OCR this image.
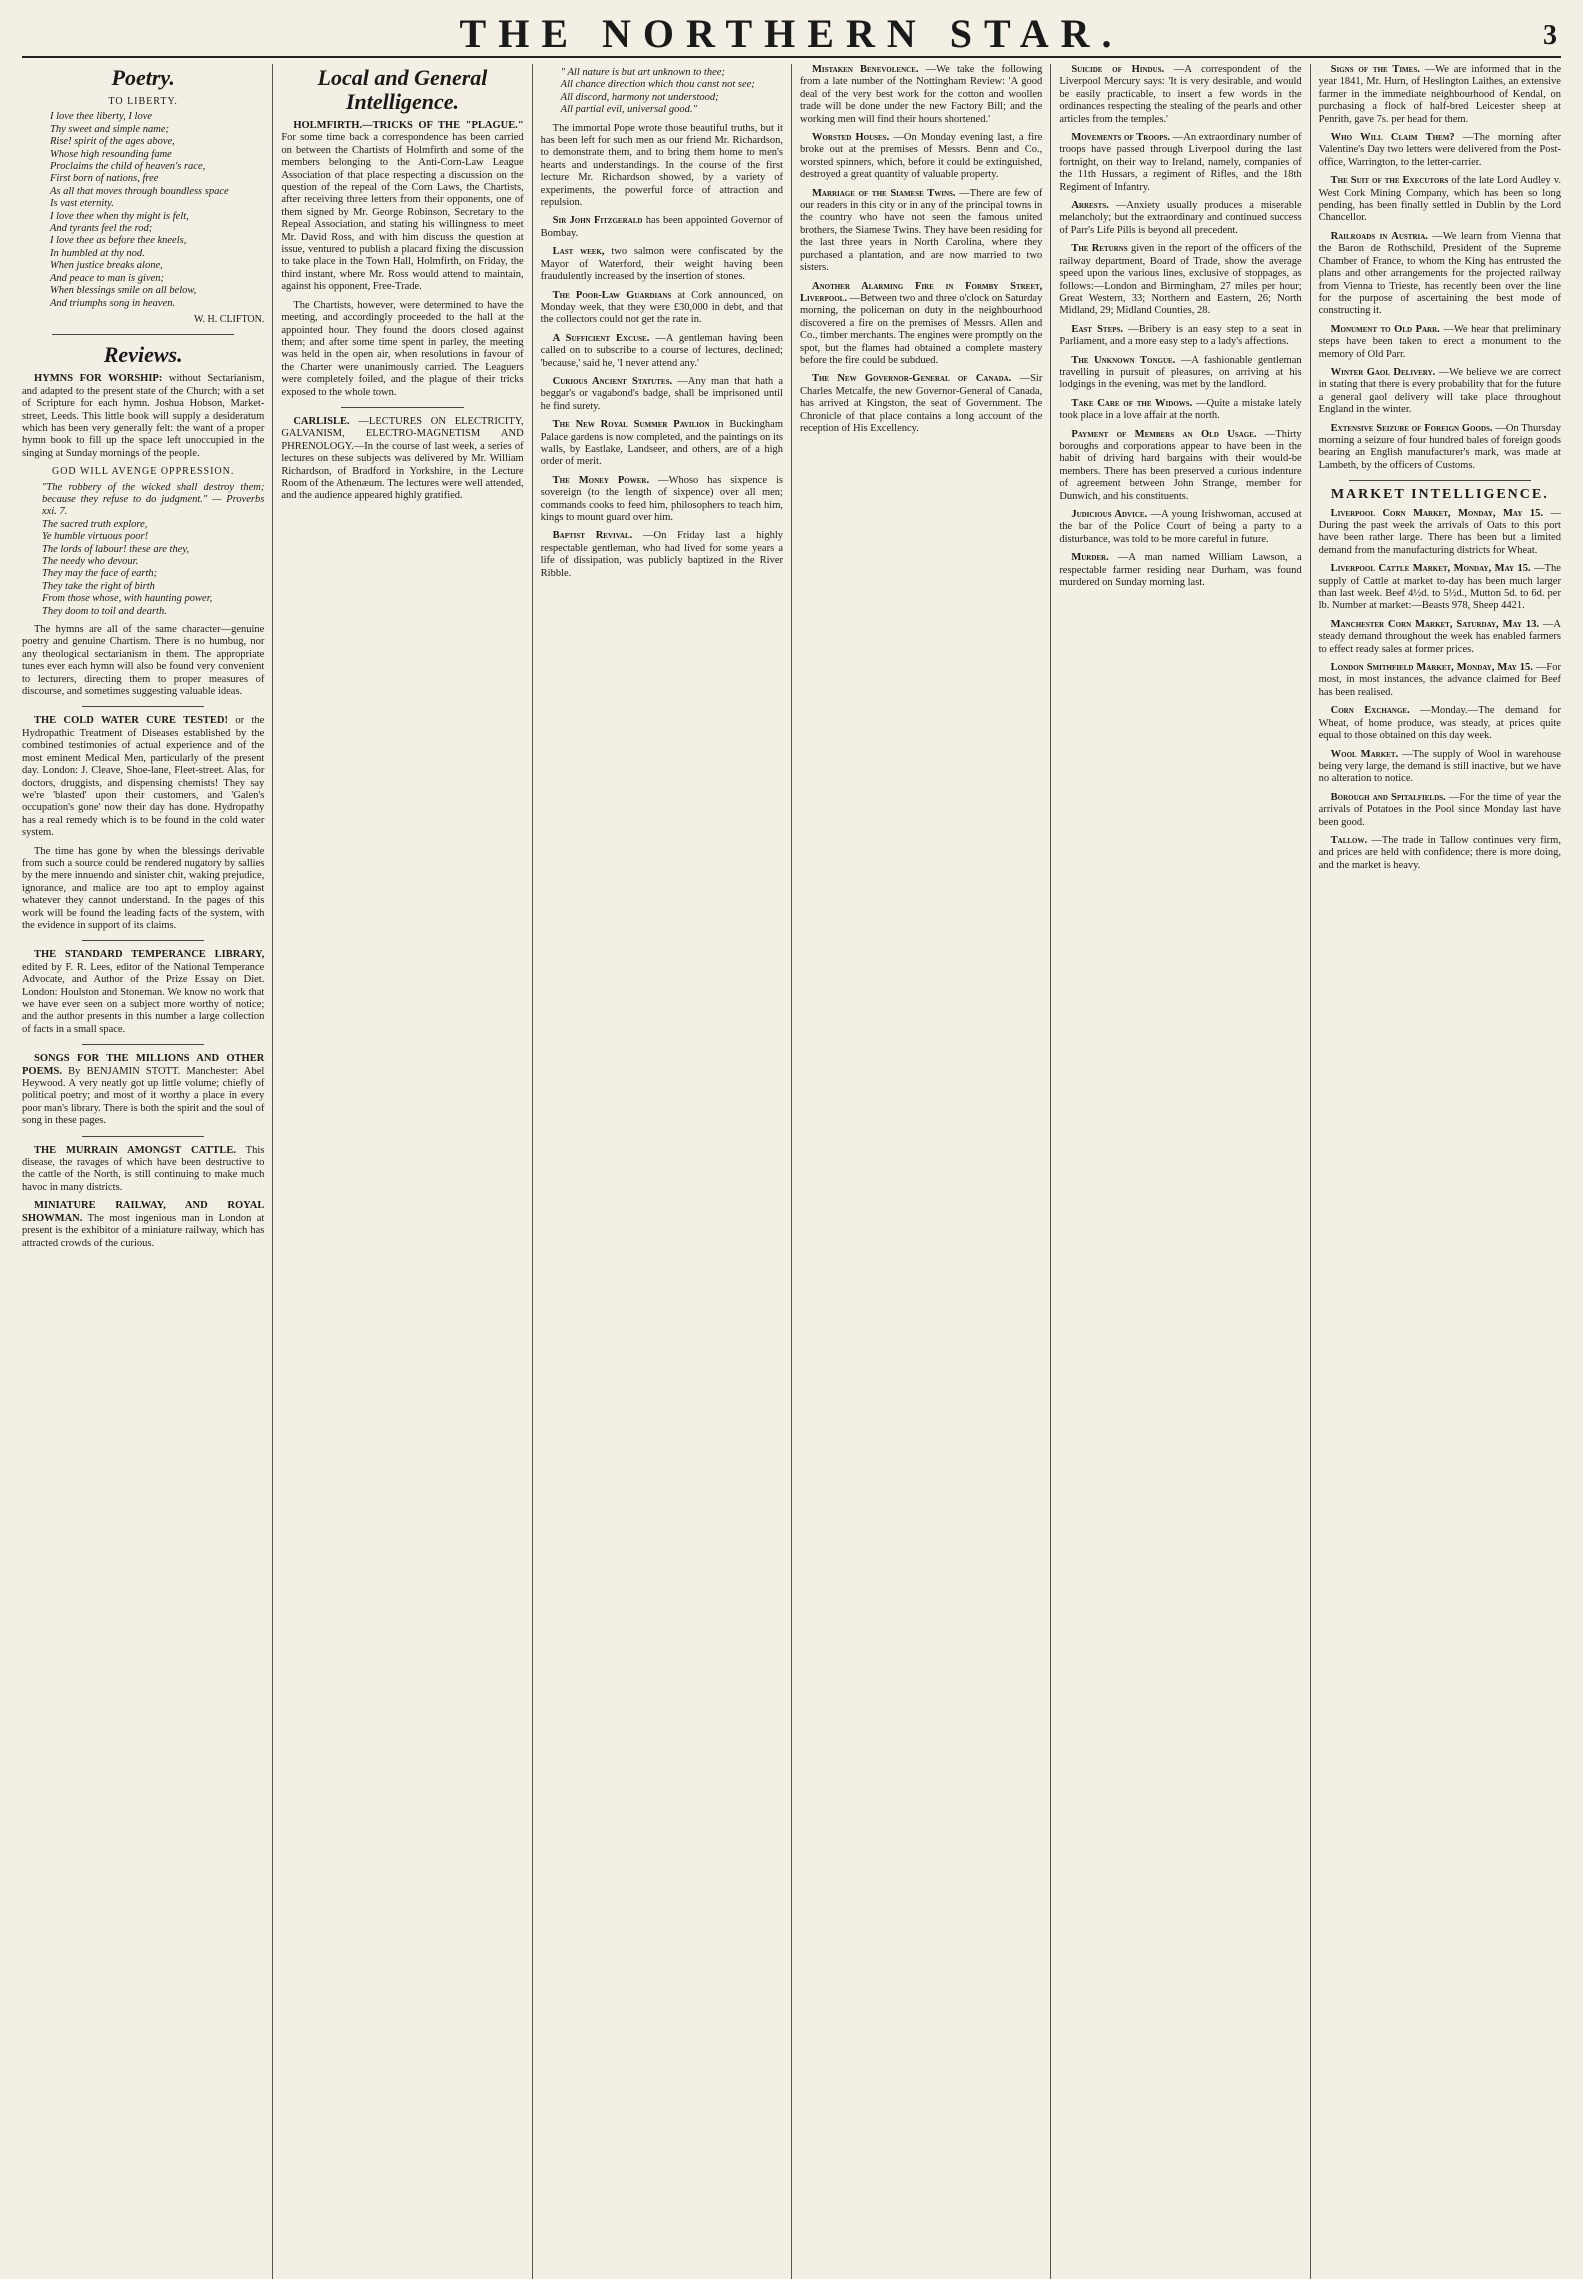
THE NORTHERN STAR.	3
Poetry.
TO LIBERTY.
I love thee liberty, I love
Thy sweet and simple name;
Rise! spirit of the ages above,
Whose high resounding fame
Proclaims the child of heaven's race,
First born of nations, free
As all that moves through boundless space
Is vast eternity.
I love thee when thy might is felt,
And tyrants feel the rod;
I love thee as before thee kneels,
In humbled at thy nod.
When justice breaks alone,
And peace to man is given;
When blessings smile on all below,
And triumphs song in heaven.
W. H. CLIFTON.
Reviews.

HYMNS FOR WORSHIP: without Sectarianism, and adapted to the present state of the Church; with a set of Scripture for each hymn. Joshua Hobson, Market-street, Leeds. This little book will supply a desideratum which has been very generally felt: the want of a proper hymn book to fill up the space left unoccupied in the singing at Sunday mornings of the people.

GOD WILL AVENGE OPPRESSION.
"The robbery of the wicked shall destroy them; because they refuse to do judgment." — Proverbs xxi. 7.
The sacred truth explore,
Ye humble virtuous poor!
The lords of labour! these are they,
The needy who devour.
They may the face of earth;
They take the right of birth
From those whose, with haunting power,
They doom to toil and dearth.

The hymns are all of the same character—genuine poetry and genuine Chartism. There is no humbug, nor any theological sectarianism in them. The appropriate tunes ever each hymn will also be found very convenient to lecturers, directing them to proper measures of discourse, and sometimes suggesting valuable ideas.

THE COLD WATER CURE TESTED! or the Hydropathic Treatment of Diseases established by the combined testimonies of actual experience and of the most eminent Medical Men, particularly of the present day. London: J. Cleave, Shoe-lane, Fleet-street. Alas, for doctors, druggists, and dispensing chemists! They say we're 'blasted' upon their customers, and 'Galen's occupation's gone' now their day has done. Hydropathy has a real remedy which is to be found in the cold water system.

The time has gone by when the blessings derivable from such a source could be rendered nugatory by sallies by the mere innuendo and sinister chit, waking prejudice, ignorance, and malice are too apt to employ against whatever they cannot understand. In the pages of this work will be found the leading facts of the system, with the evidence in support of its claims.

THE STANDARD TEMPERANCE LIBRARY, edited by F. R. Lees, editor of the National Temperance Advocate, and Author of the Prize Essay on Diet. London: Houlston and Stoneman. We know no work that we have ever seen on a subject more worthy of notice; and the author presents in this number a large collection of facts in a small space.

SONGS FOR THE MILLIONS AND OTHER POEMS. By BENJAMIN STOTT. Manchester: Abel Heywood. A very neatly got up little volume; chiefly of political poetry; and most of it worthy a place in every poor man's library. There is both the spirit and the soul of song in these pages.

THE MURRAIN AMONGST CATTLE. This disease, the ravages of which have been destructive to the cattle of the North, is still continuing to make much havoc in many districts.

MINIATURE RAILWAY, AND ROYAL SHOWMAN. The most ingenious man in London at present is the exhibitor of a miniature railway, which has attracted crowds of the curious.

Local and General Intelligence.

HOLMFIRTH.—TRICKS OF THE "PLAGUE." For some time back a correspondence has been carried on between the Chartists of Holmfirth and some of the members belonging to the Anti-Corn-Law League Association of that place respecting a discussion on the question of the repeal of the Corn Laws, the Chartists, after receiving three letters from their opponents, one of them signed by Mr. George Robinson, Secretary to the Repeal Association, and stating his willingness to meet Mr. David Ross, and with him discuss the question at issue, ventured to publish a placard fixing the discussion to take place in the Town Hall, Holmfirth, on Friday, the third instant, where Mr. Ross would attend to maintain, against his opponent, Free-Trade.

The Chartists, however, were determined to have the meeting, and accordingly proceeded to the hall at the appointed hour. They found the doors closed against them; and after some time spent in parley, the meeting was held in the open air, when resolutions in favour of the Charter were unanimously carried. The Leaguers were completely foiled, and the plague of their tricks exposed to the whole town.

CARLISLE. —LECTURES ON ELECTRICITY, GALVANISM, ELECTRO-MAGNETISM AND PHRENOLOGY.—In the course of last week, a series of lectures on these subjects was delivered by Mr. William Richardson, of Bradford in Yorkshire, in the Lecture Room of the Athenæum. The lectures were well attended, and the audience appeared highly gratified.

" All nature is but art unknown to thee;
All chance direction which thou canst not see;
All discord, harmony not understood;
All partial evil, universal good."

The immortal Pope wrote those beautiful truths, but it has been left for such men as our friend Mr. Richardson, to demonstrate them, and to bring them home to men's hearts and understandings. In the course of the first lecture Mr. Richardson showed, by a variety of experiments, the powerful force of attraction and repulsion.

Sir John Fitzgerald has been appointed Governor of Bombay.

Last week, two salmon were confiscated by the Mayor of Waterford, their weight having been fraudulently increased by the insertion of stones.

The Poor-Law Guardians at Cork announced, on Monday week, that they were £30,000 in debt, and that the collectors could not get the rate in.

A Sufficient Excuse. —A gentleman having been called on to subscribe to a course of lectures, declined; 'because,' said he, 'I never attend any.'

Curious Ancient Statutes. —Any man that hath a beggar's or vagabond's badge, shall be imprisoned until he find surety.

The New Royal Summer Pavilion in Buckingham Palace gardens is now completed, and the paintings on its walls, by Eastlake, Landseer, and others, are of a high order of merit.

The Money Power. —Whoso has sixpence is sovereign (to the length of sixpence) over all men; commands cooks to feed him, philosophers to teach him, kings to mount guard over him.

Baptist Revival. —On Friday last a highly respectable gentleman, who had lived for some years a life of dissipation, was publicly baptized in the River Ribble.

Mistaken Benevolence. —We take the following from a late number of the Nottingham Review: 'A good deal of the very best work for the cotton and woollen trade will be done under the new Factory Bill; and the working men will find their hours shortened.'

Worsted Houses. —On Monday evening last, a fire broke out at the premises of Messrs. Benn and Co., worsted spinners, which, before it could be extinguished, destroyed a great quantity of valuable property.

Marriage of the Siamese Twins. —There are few of our readers in this city or in any of the principal towns in the country who have not seen the famous united brothers, the Siamese Twins. They have been residing for the last three years in North Carolina, where they purchased a plantation, and are now married to two sisters.

Another Alarming Fire in Formby Street, Liverpool. —Between two and three o'clock on Saturday morning, the policeman on duty in the neighbourhood discovered a fire on the premises of Messrs. Allen and Co., timber merchants. The engines were promptly on the spot, but the flames had obtained a complete mastery before the fire could be subdued.

The New Governor-General of Canada. —Sir Charles Metcalfe, the new Governor-General of Canada, has arrived at Kingston, the seat of Government. The Chronicle of that place contains a long account of the reception of His Excellency.

Suicide of Hindus. —A correspondent of the Liverpool Mercury says: 'It is very desirable, and would be easily practicable, to insert a few words in the ordinances respecting the stealing of the pearls and other articles from the temples.'

Movements of Troops. —An extraordinary number of troops have passed through Liverpool during the last fortnight, on their way to Ireland, namely, companies of the 11th Hussars, a regiment of Rifles, and the 18th Regiment of Infantry.

Arrests. —Anxiety usually produces a miserable melancholy; but the extraordinary and continued success of Parr's Life Pills is beyond all precedent.

The Returns given in the report of the officers of the railway department, Board of Trade, show the average speed upon the various lines, exclusive of stoppages, as follows:—London and Birmingham, 27 miles per hour; Great Western, 33; Northern and Eastern, 26; North Midland, 29; Midland Counties, 28.

East Steps. —Bribery is an easy step to a seat in Parliament, and a more easy step to a lady's affections.

The Unknown Tongue. —A fashionable gentleman travelling in pursuit of pleasures, on arriving at his lodgings in the evening, was met by the landlord.

Take Care of the Widows. —Quite a mistake lately took place in a love affair at the north.

Payment of Members an Old Usage. —Thirty boroughs and corporations appear to have been in the habit of driving hard bargains with their would-be members. There has been preserved a curious indenture of agreement between John Strange, member for Dunwich, and his constituents.

Judicious Advice. —A young Irishwoman, accused at the bar of the Police Court of being a party to a disturbance, was told to be more careful in future.

Murder. —A man named William Lawson, a respectable farmer residing near Durham, was found murdered on Sunday morning last.

Signs of the Times. —We are informed that in the year 1841, Mr. Hurn, of Heslington Laithes, an extensive farmer in the immediate neighbourhood of Kendal, on purchasing a flock of half-bred Leicester sheep at Penrith, gave 7s. per head for them.

Who Will Claim Them? —The morning after Valentine's Day two letters were delivered from the Post-office, Warrington, to the letter-carrier.

The Suit of the Executors of the late Lord Audley v. West Cork Mining Company, which has been so long pending, has been finally settled in Dublin by the Lord Chancellor.

Railroads in Austria. —We learn from Vienna that the Baron de Rothschild, President of the Supreme Chamber of France, to whom the King has entrusted the plans and other arrangements for the projected railway from Vienna to Trieste, has recently been over the line for the purpose of ascertaining the best mode of constructing it.

Monument to Old Parr. —We hear that preliminary steps have been taken to erect a monument to the memory of Old Parr.

Winter Gaol Delivery. —We believe we are correct in stating that there is every probability that for the future a general gaol delivery will take place throughout England in the winter.

Extensive Seizure of Foreign Goods. —On Thursday morning a seizure of four hundred bales of foreign goods bearing an English manufacturer's mark, was made at Lambeth, by the officers of Customs.

MARKET INTELLIGENCE.

Liverpool Corn Market, Monday, May 15. —During the past week the arrivals of Oats to this port have been rather large. There has been but a limited demand from the manufacturing districts for Wheat.

Liverpool Cattle Market, Monday, May 15. —The supply of Cattle at market to-day has been much larger than last week. Beef 4½d. to 5½d., Mutton 5d. to 6d. per lb. Number at market:—Beasts 978, Sheep 4421.

Manchester Corn Market, Saturday, May 13. —A steady demand throughout the week has enabled farmers to effect ready sales at former prices.

London Smithfield Market, Monday, May 15. —For most, in most instances, the advance claimed for Beef has been realised.

Corn Exchange. —Monday.—The demand for Wheat, of home produce, was steady, at prices quite equal to those obtained on this day week.

Wool Market. —The supply of Wool in warehouse being very large, the demand is still inactive, but we have no alteration to notice.

Borough and Spitalfields. —For the time of year the arrivals of Potatoes in the Pool since Monday last have been good.

Tallow. —The trade in Tallow continues very firm, and prices are held with confidence; there is more doing, and the market is heavy.
